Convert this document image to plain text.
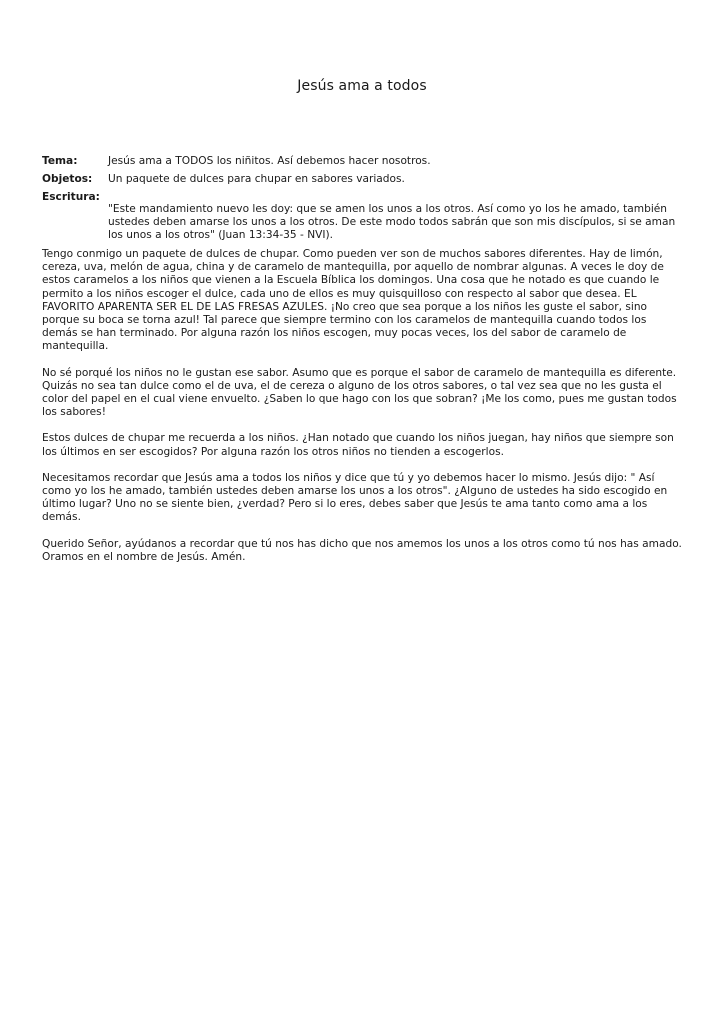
Jesús ama a todos
Tema:	Jesús ama a TODOS los niñitos. Así debemos hacer nosotros.
Objetos:	Un paquete de dulces para chupar en sabores variados.
Escritura:
"Este mandamiento nuevo les doy: que se amen los unos a los otros. Así como yo los he amado, también ustedes deben amarse los unos a los otros. De este modo todos sabrán que son mis discípulos, si se aman los unos a los otros" (Juan 13:34-35 - NVI).

Tengo conmigo un paquete de dulces de chupar. Como pueden ver son de muchos sabores diferentes. Hay de limón, cereza, uva, melón de agua, china y de caramelo de mantequilla, por aquello de nombrar algunas. A veces le doy de estos caramelos a los niños que vienen a la Escuela Bíblica los domingos. Una cosa que he notado es que cuando le permito a los niños escoger el dulce, cada uno de ellos es muy quisquilloso con respecto al sabor que desea. EL FAVORITO APARENTA SER EL DE LAS FRESAS AZULES. ¡No creo que sea porque a los niños les guste el sabor, sino porque su boca se torna azul! Tal parece que siempre termino con los caramelos de mantequilla cuando todos los demás se han terminado. Por alguna razón los niños escogen, muy pocas veces, los del sabor de caramelo de mantequilla.

No sé porqué los niños no le gustan ese sabor. Asumo que es porque el sabor de caramelo de mantequilla es diferente. Quizás no sea tan dulce como el de uva, el de cereza o alguno de los otros sabores, o tal vez sea que no les gusta el color del papel en el cual viene envuelto. ¿Saben lo que hago con los que sobran? ¡Me los como, pues me gustan todos los sabores!

Estos dulces de chupar me recuerda a los niños. ¿Han notado que cuando los niños juegan, hay niños que siempre son los últimos en ser escogidos? Por alguna razón los otros niños no tienden a escogerlos.

Necesitamos recordar que Jesús ama a todos los niños y dice que tú y yo debemos hacer lo mismo. Jesús dijo: " Así como yo los he amado, también ustedes deben amarse los unos a los otros". ¿Alguno de ustedes ha sido escogido en último lugar? Uno no se siente bien, ¿verdad? Pero si lo eres, debes saber que Jesús te ama tanto como ama a los demás.

Querido Señor, ayúdanos a recordar que tú nos has dicho que nos amemos los unos a los otros como tú nos has amado. Oramos en el nombre de Jesús. Amén.
